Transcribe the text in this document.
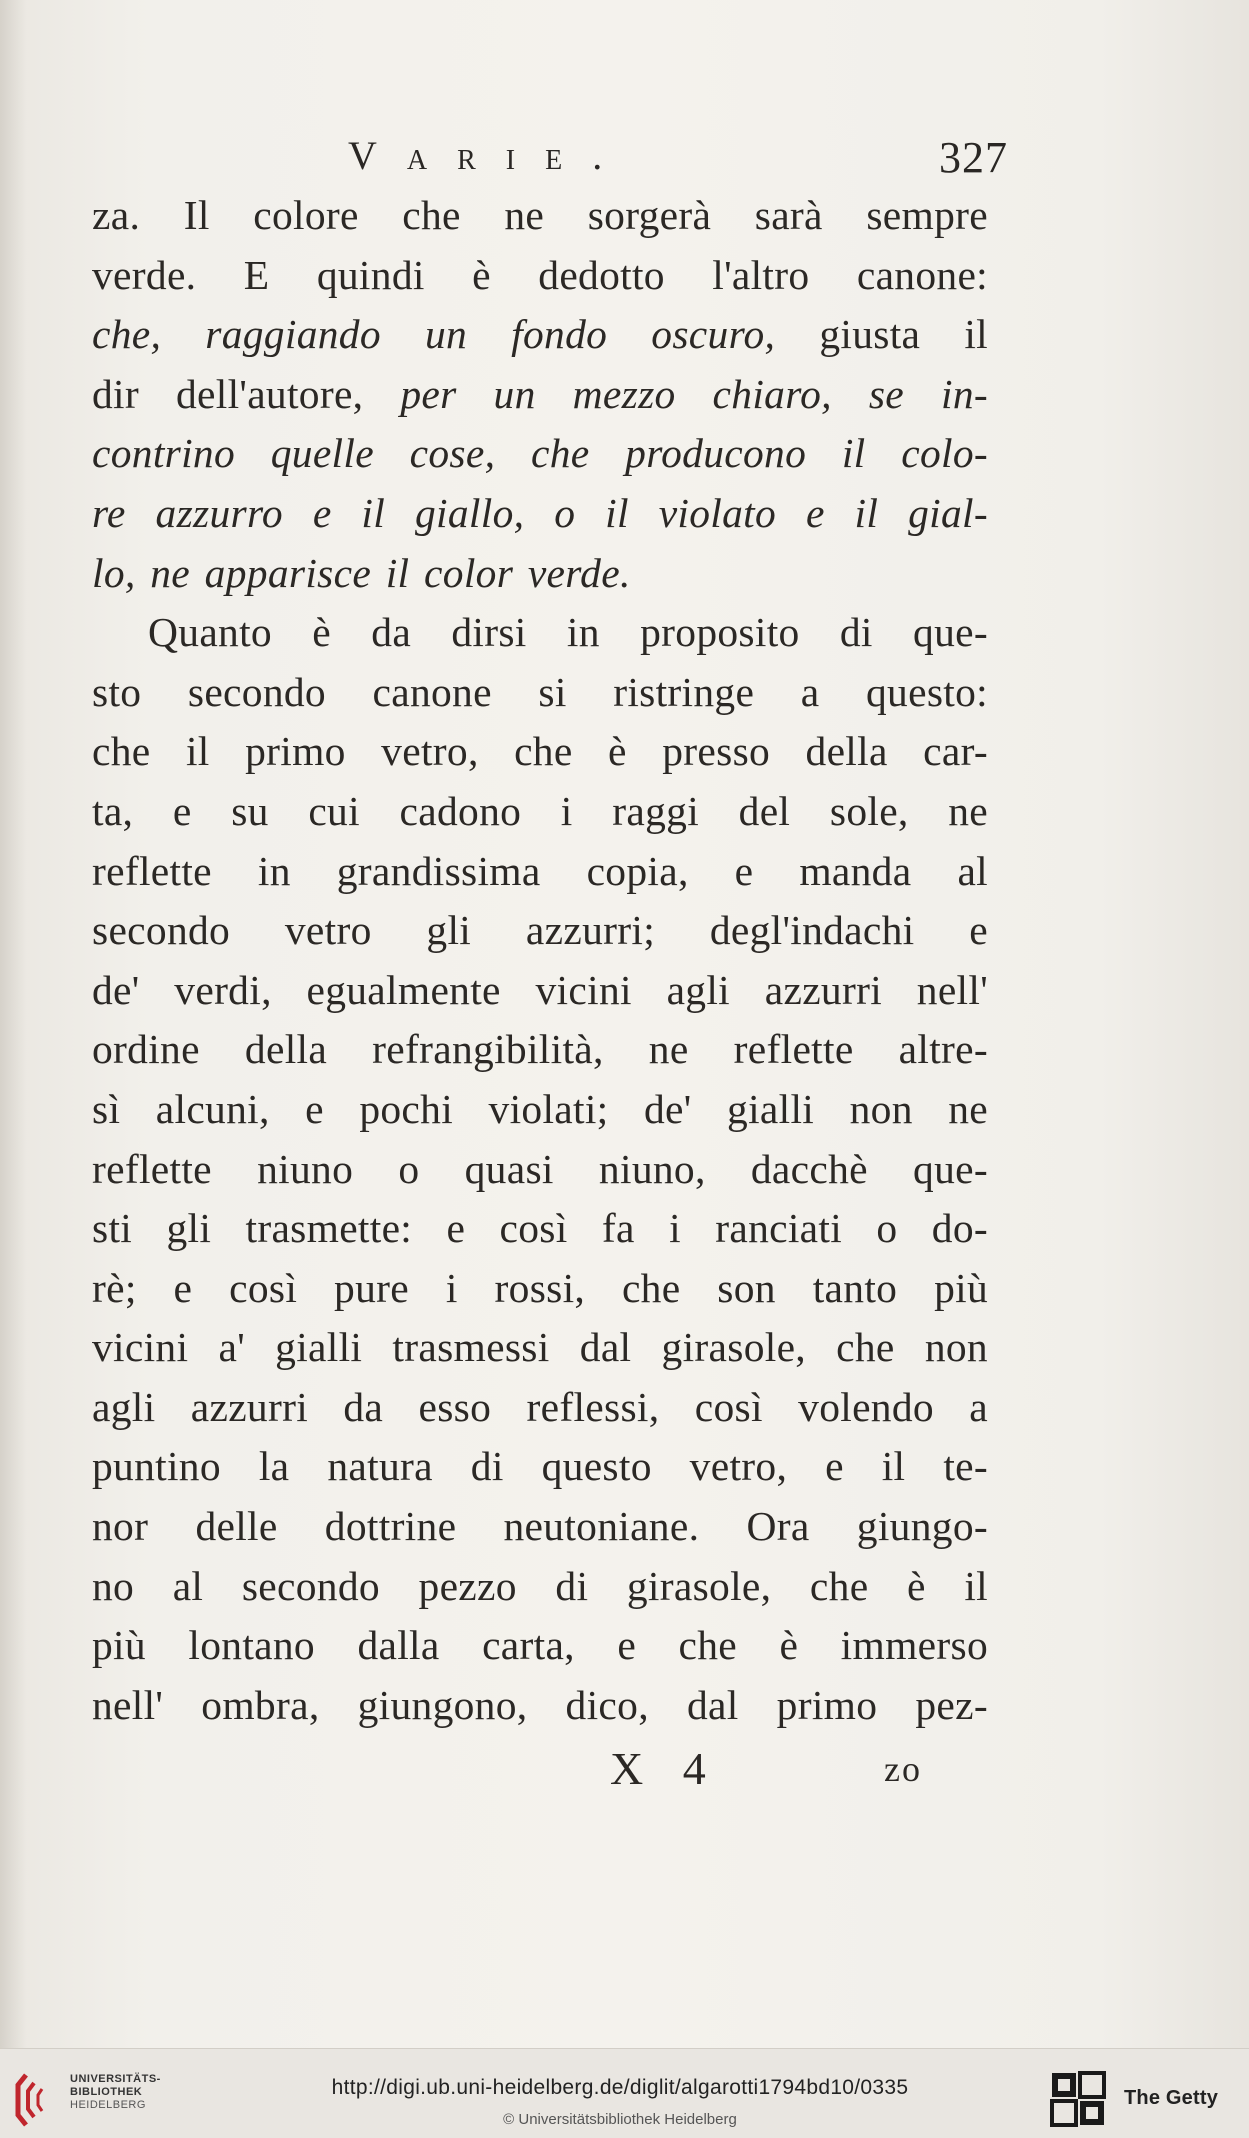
Varie.	327
za. Il colore che ne sorgerà sarà sempre
verde. E quindi è dedotto l'altro canone:
che, raggiando un fondo oscuro, giusta il
dir dell'autore, per un mezzo chiaro, se in-
contrino quelle cose, che producono il colo-
re azzurro e il giallo, o il violato e il gial-
lo, ne apparisce il color verde.
Quanto è da dirsi in proposito di que-
sto secondo canone si ristringe a questo:
che il primo vetro, che è presso della car-
ta, e su cui cadono i raggi del sole, ne
reflette in grandissima copia, e manda al
secondo vetro gli azzurri; degl'indachi e
de' verdi, egualmente vicini agli azzurri nell'
ordine della refrangibilità, ne reflette altre-
sì alcuni, e pochi violati; de' gialli non ne
reflette niuno o quasi niuno, dacchè que-
sti gli trasmette: e così fa i ranciati o do-
rè; e così pure i rossi, che son tanto più
vicini a' gialli trasmessi dal girasole, che non
agli azzurri da esso reflessi, così volendo a
puntino la natura di questo vetro, e il te-
nor delle dottrine neutoniane. Ora giungo-
no al secondo pezzo di girasole, che è il
più lontano dalla carta, e che è immerso
nell' ombra, giungono, dico, dal primo pez-
X 4	zo
UNIVERSITÄTS-
BIBLIOTHEK
HEIDELBERG
http://digi.ub.uni-heidelberg.de/diglit/algarotti1794bd10/0335
© Universitätsbibliothek Heidelberg
The Getty
